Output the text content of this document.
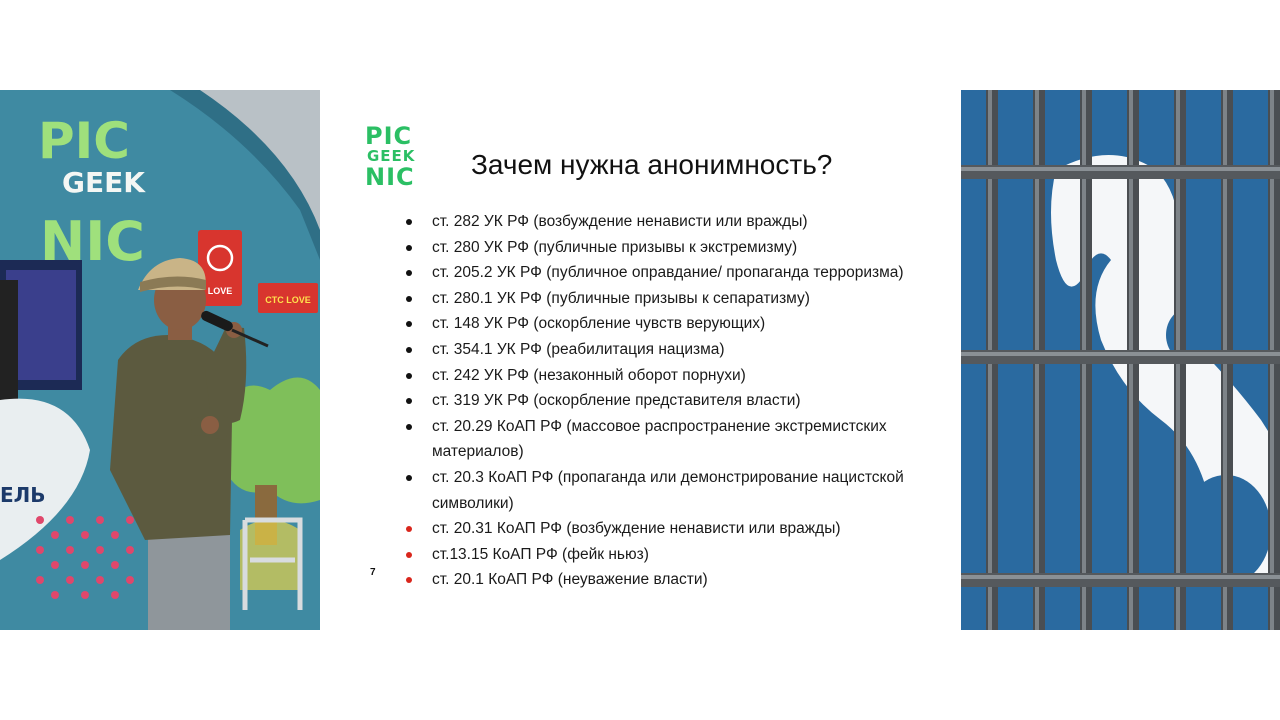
LOVE
CTC LOVE
PIC
GEEK
NIC
ЕЛЬ
PIC
GEEK
NIC	Зачем нужна анонимность?
ст. 282 УК РФ (возбуждение ненависти или вражды)
ст. 280 УК РФ (публичные призывы к экстремизму)
ст. 205.2 УК РФ (публичное оправдание/ пропаганда терроризма)
ст. 280.1 УК РФ (публичные призывы к сепаратизму)
ст. 148 УК РФ (оскорбление чувств верующих)
ст. 354.1 УК РФ (реабилитация нацизма)
ст. 242 УК РФ (незаконный оборот порнухи)
ст. 319 УК РФ (оскорбление представителя власти)
ст. 20.29 КоАП РФ (массовое распространение экстремистских материалов)
ст. 20.3 КоАП РФ (пропаганда или демонстрирование нацистской символики)
ст. 20.31 КоАП РФ (возбуждение ненависти или вражды)
ст.13.15 КоАП РФ (фейк ньюз)
ст. 20.1 КоАП РФ (неуважение власти)
7
